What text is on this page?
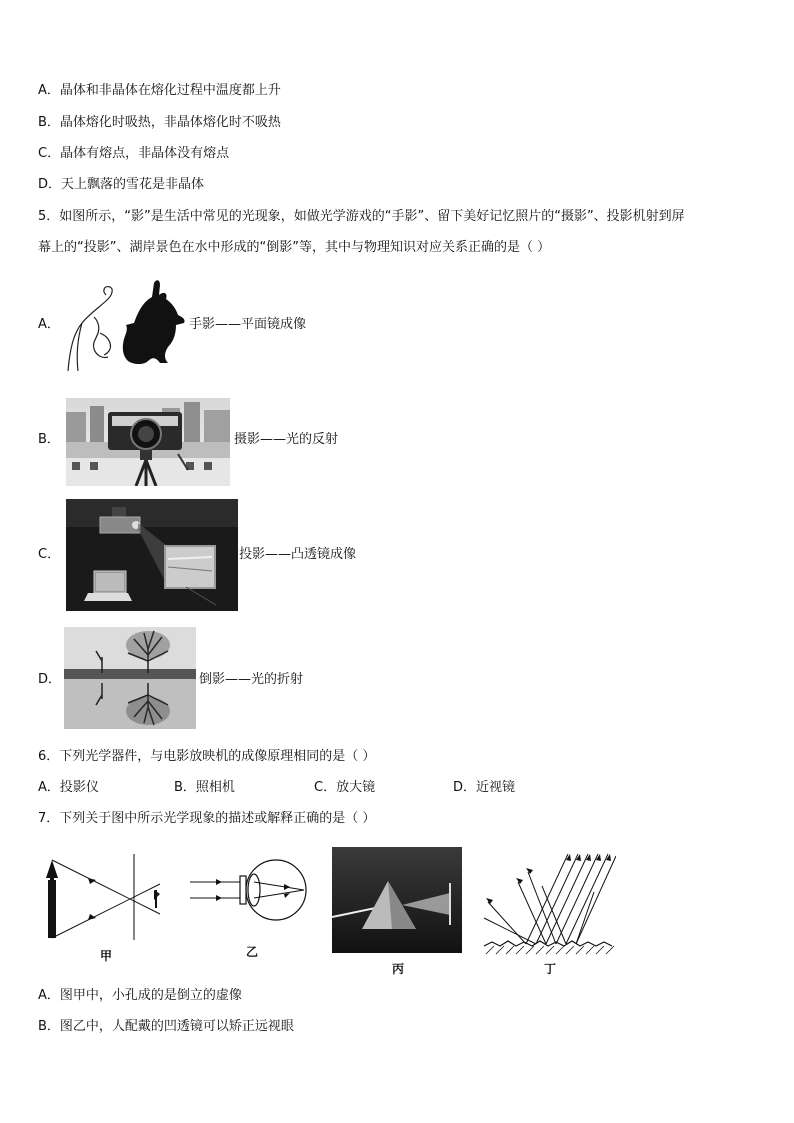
A．晶体和非晶体在熔化过程中温度都上升
B．晶体熔化时吸热，非晶体熔化时不吸热
C．晶体有熔点，非晶体没有熔点
D．天上飘落的雪花是非晶体
5．如图所示，“影”是生活中常见的光现象，如做光学游戏的“手影”、留下美好记忆照片的“摄影”、投影机射到屏
幕上的“投影”、湖岸景色在水中形成的“倒影”等，其中与物理知识对应关系正确的是（ ）
A．	手影——平面镜成像
B．	摄影——光的反射
C．	投影——凸透镜成像
D．	倒影——光的折射
6．下列光学器件，与电影放映机的成像原理相同的是（ ）
A．投影仪	B．照相机	C．放大镜	D．近视镜
7．下列关于图中所示光学现象的描述或解释正确的是（ ）
甲	乙
丙	丁
A．图甲中，小孔成的是倒立的虚像
B．图乙中，人配戴的凹透镜可以矫正远视眼
